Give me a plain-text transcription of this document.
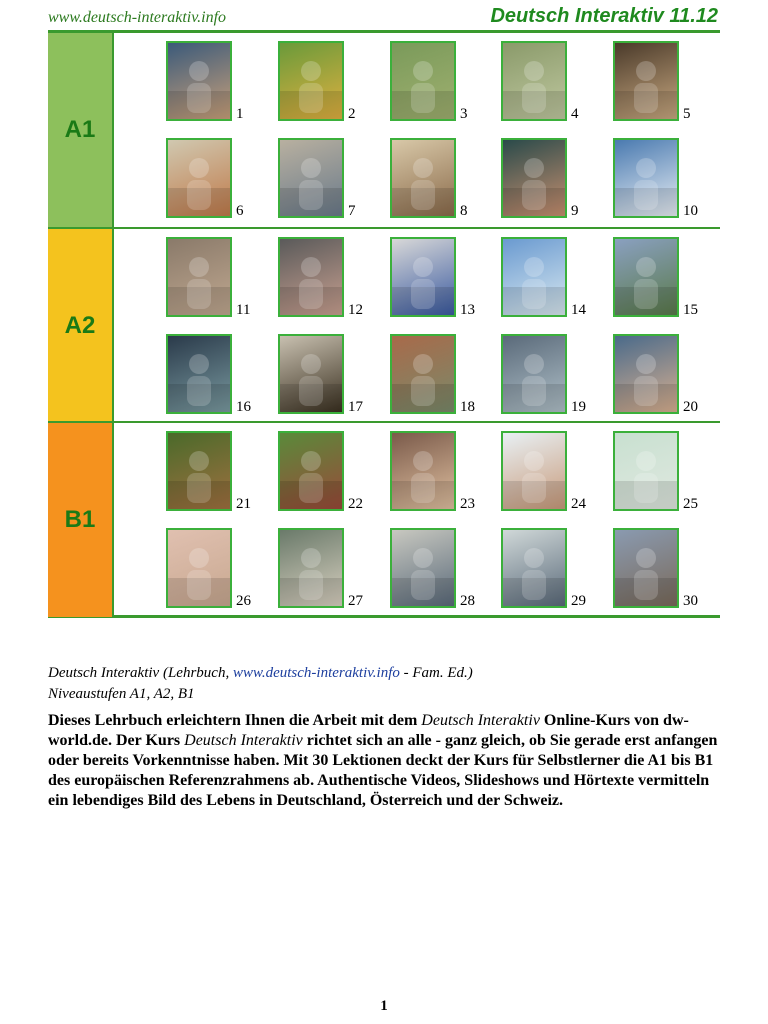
www.deutsch-interaktiv.info	Deutsch Interaktiv 11.12
A1
1	2	3	4	5
6	7	8	9	10
A2
11	12	13	14	15
16	17	18	19	20
B1
21	22	23	24	25
26	27	28	29	30
Deutsch Interaktiv (Lehrbuch, www.deutsch-interaktiv.info - Fam. Ed.)
Niveaustufen A1, A2, B1
Dieses Lehrbuch erleichtern Ihnen die Arbeit mit dem Deutsch Interaktiv Online-Kurs von dw-world.de. Der Kurs Deutsch Interaktiv richtet sich an alle - ganz gleich, ob Sie gerade erst anfangen oder bereits Vorkenntnisse haben. Mit 30 Lektionen deckt der Kurs für Selbstlerner die A1 bis B1 des europäischen Referenzrahmens ab. Authentische Videos, Slideshows und Hörtexte vermitteln ein lebendiges Bild des Lebens in Deutschland, Österreich und der Schweiz.
1
